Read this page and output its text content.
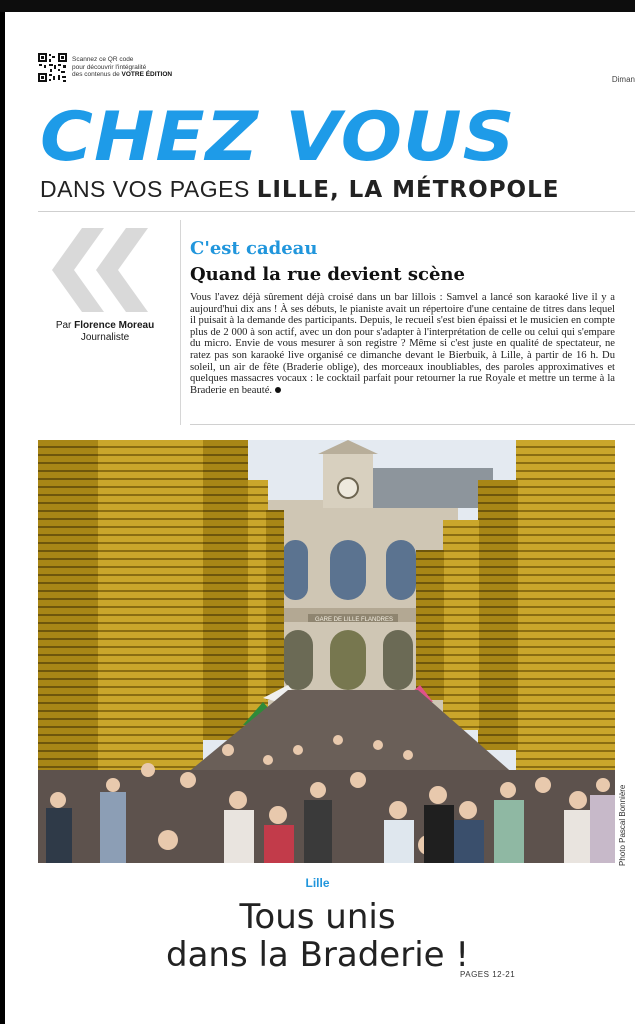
Scannez ce QR code
pour découvrir l'intégralité
des contenus de VOTRE ÉDITION
Diman
CHEZ VOUS
DANS VOS PAGES LILLE, LA MÉTROPOLE
Par Florence Moreau
Journaliste
C'est cadeau
Quand la rue devient scène

Vous l'avez déjà sûrement déjà croisé dans un bar lillois : Samvel a lancé son karaoké live il y a aujourd'hui dix ans ! À ses débuts, le pianiste avait un répertoire d'une centaine de titres dans lequel il puisait à la demande des participants. Depuis, le recueil s'est bien épaissi et le musicien en compte plus de 2 000 à son actif, avec un don pour s'adapter à l'interprétation de celle ou celui qui s'empare du micro. Envie de vous mesurer à son registre ? Même si c'est juste en qualité de spectateur, ne ratez pas son karaoké live organisé ce dimanche devant le Bierbuik, à Lille, à partir de 16 h. Du soleil, un air de fête (Braderie oblige), des morceaux inoubliables, des paroles approximatives et quelques massacres vocaux : le cocktail parfait pour retourner la rue Royale et mettre un terme à la Braderie en beauté.

GARE DE LILLE FLANDRES
Photo Pascal Bonnière
Lille
Tous unis
dans la Braderie !
PAGES 12-21
